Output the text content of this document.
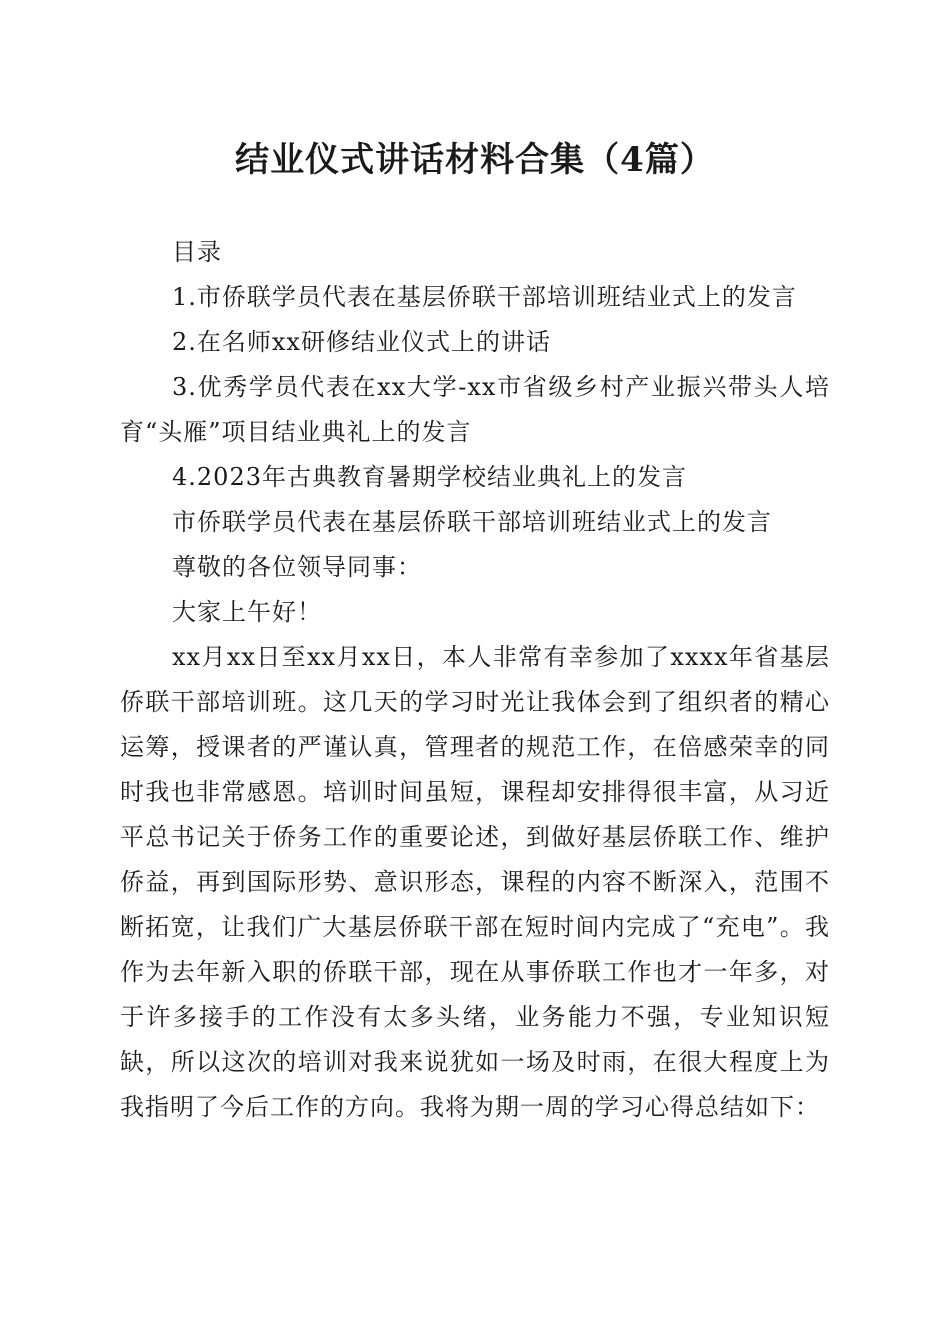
结业仪式讲话材料合集（4篇）

目录

1.市侨联学员代表在基层侨联干部培训班结业式上的发言

2.在名师xx研修结业仪式上的讲话

3.优秀学员代表在xx大学-xx市省级乡村产业振兴带头人培育“头雁”项目结业典礼上的发言

4.2023年古典教育暑期学校结业典礼上的发言

市侨联学员代表在基层侨联干部培训班结业式上的发言

尊敬的各位领导同事：

大家上午好！

xx月xx日至xx月xx日，本人非常有幸参加了xxxx年省基层侨联干部培训班。这几天的学习时光让我体会到了组织者的精心运筹，授课者的严谨认真，管理者的规范工作，在倍感荣幸的同时我也非常感恩。培训时间虽短，课程却安排得很丰富，从习近平总书记关于侨务工作的重要论述，到做好基层侨联工作、维护侨益，再到国际形势、意识形态，课程的内容不断深入，范围不断拓宽，让我们广大基层侨联干部在短时间内完成了“充电”。我作为去年新入职的侨联干部，现在从事侨联工作也才一年多，对于许多接手的工作没有太多头绪，业务能力不强，专业知识短缺，所以这次的培训对我来说犹如一场及时雨，在很大程度上为我指明了今后工作的方向。我将为期一周的学习心得总结如下：
